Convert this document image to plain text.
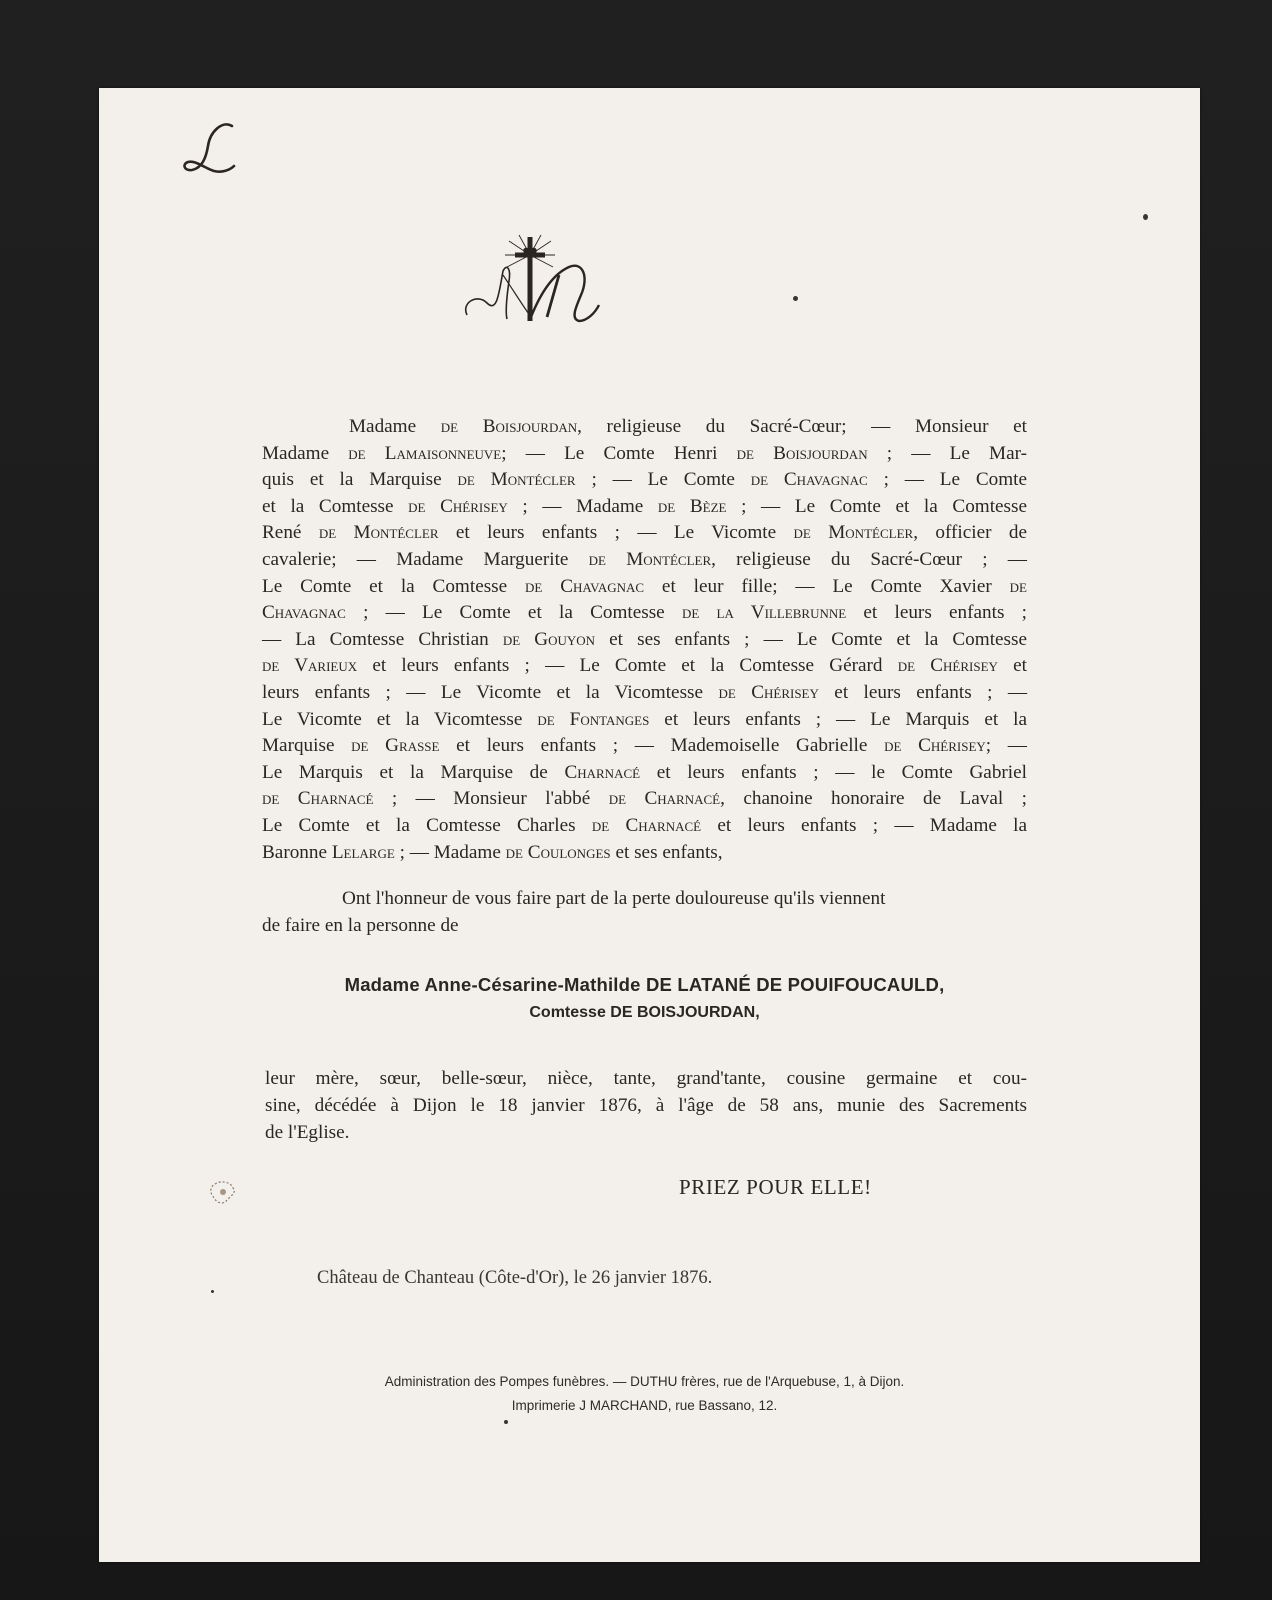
Madame de Boisjourdan, religieuse du Sacré-Cœur; — Monsieur et
Madame de Lamaisonneuve; — Le Comte Henri de Boisjourdan ; — Le Mar-
quis et la Marquise de Montécler ; — Le Comte de Chavagnac ; — Le Comte
et la Comtesse de Chérisey ; — Madame de Bèze ; — Le Comte et la Comtesse
René de Montécler et leurs enfants ; — Le Vicomte de Montécler, officier de
cavalerie; — Madame Marguerite de Montécler, religieuse du Sacré-Cœur ; —
Le Comte et la Comtesse de Chavagnac et leur fille; — Le Comte Xavier de
Chavagnac ; — Le Comte et la Comtesse de la Villebrunne et leurs enfants ;
— La Comtesse Christian de Gouyon et ses enfants ; — Le Comte et la Comtesse
de Varieux et leurs enfants ; — Le Comte et la Comtesse Gérard de Chérisey et
leurs enfants ; — Le Vicomte et la Vicomtesse de Chérisey et leurs enfants ; —
Le Vicomte et la Vicomtesse de Fontanges et leurs enfants ; — Le Marquis et la
Marquise de Grasse et leurs enfants ; — Mademoiselle Gabrielle de Chérisey; —
Le Marquis et la Marquise de Charnacé et leurs enfants ; — le Comte Gabriel
de Charnacé ; — Monsieur l'abbé de Charnacé, chanoine honoraire de Laval ;
Le Comte et la Comtesse Charles de Charnacé et leurs enfants ; — Madame la
Baronne Lelarge ; — Madame de Coulonges et ses enfants,
Ont l'honneur de vous faire part de la perte douloureuse qu'ils viennent
de faire en la personne de
Madame Anne-Césarine-Mathilde DE LATANÉ DE POUIFOUCAULD,
Comtesse DE BOISJOURDAN,
leur mère, sœur, belle-sœur, nièce, tante, grand'tante, cousine germaine et cou-
sine, décédée à Dijon le 18 janvier 1876, à l'âge de 58 ans, munie des Sacrements
de l'Eglise.
PRIEZ POUR ELLE!
Château de Chanteau (Côte-d'Or), le 26 janvier 1876.
Administration des Pompes funèbres. — DUTHU frères, rue de l'Arquebuse, 1, à Dijon.
Imprimerie J MARCHAND, rue Bassano, 12.
